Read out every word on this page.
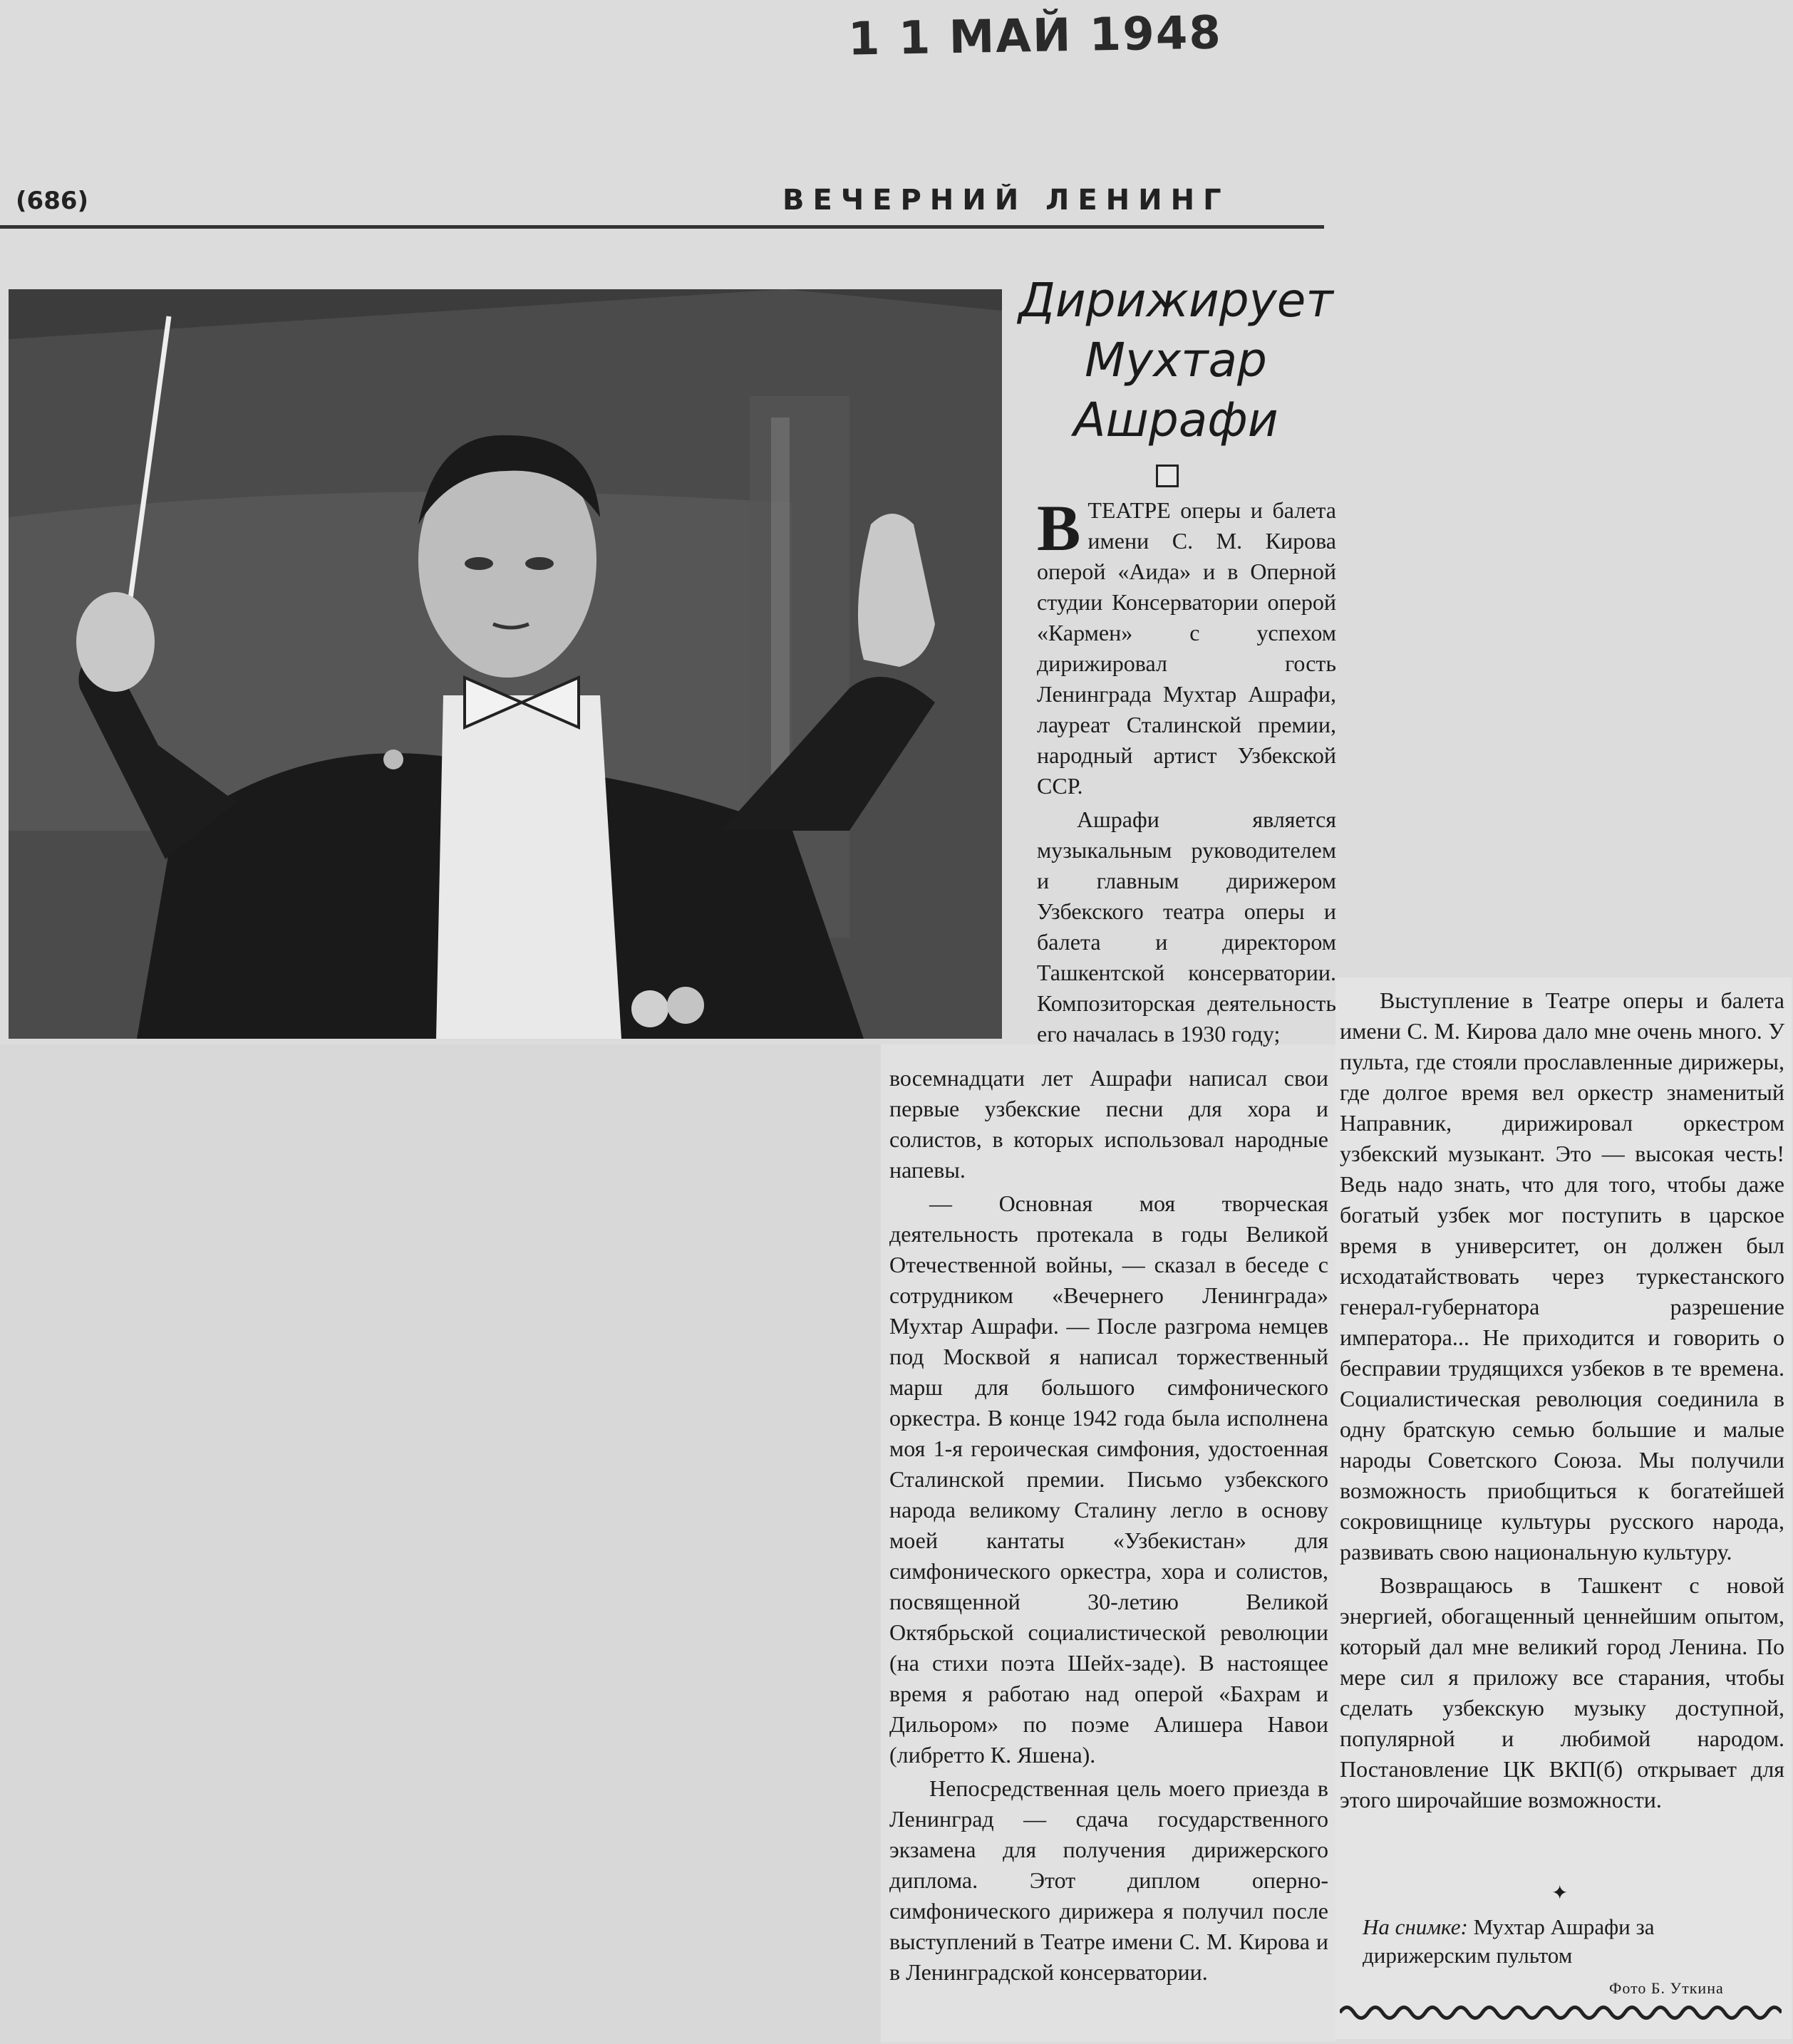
1 1 МАЙ 1948
(686)	ВЕЧЕРНИЙ ЛЕНИНГ
Дирижирует
Мухтар
Ашрафи

ВТЕАТРЕ оперы и балета имени С. М. Кирова оперой «Аида» и в Оперной студии Консерватории оперой «Кармен» с успехом дирижировал гость Ленинграда Мухтар Ашрафи, лауреат Сталинской премии, народный артист Узбекской ССР.

Ашрафи является музыкальным руководителем и главным дирижером Узбекского театра оперы и балета и директором Ташкентской консерватории. Композиторская деятельность его началась в 1930 году;

восемнадцати лет Ашрафи написал свои первые узбекские песни для хора и солистов, в которых использовал народные напевы.

— Основная моя творческая деятельность протекала в годы Великой Отечественной войны, — сказал в беседе с сотрудником «Вечернего Ленинграда» Мухтар Ашрафи. — После разгрома немцев под Москвой я написал торжественный марш для большого симфонического оркестра. В конце 1942 года была исполнена моя 1-я героическая симфония, удостоенная Сталинской премии. Письмо узбекского народа великому Сталину легло в основу моей кантаты «Узбекистан» для симфонического оркестра, хора и солистов, посвященной 30-летию Великой Октябрьской социалистической революции (на стихи поэта Шейх-заде). В настоящее время я работаю над оперой «Бахрам и Дильором» по поэме Алишера Навои (либретто К. Яшена).

Непосредственная цель моего приезда в Ленинград — сдача государственного экзамена для получения дирижерского диплома. Этот диплом оперно-симфонического дирижера я получил после выступлений в Театре имени С. М. Кирова и в Ленинградской консерватории.

Выступление в Театре оперы и балета имени С. М. Кирова дало мне очень много. У пульта, где стояли прославленные дирижеры, где долгое время вел оркестр знаменитый Направник, дирижировал оркестром узбекский музыкант. Это — высокая честь! Ведь надо знать, что для того, чтобы даже богатый узбек мог поступить в царское время в университет, он должен был исходатайствовать через туркестанского генерал-губернатора разрешение императора... Не приходится и говорить о бесправии трудящихся узбеков в те времена. Социалистическая революция соединила в одну братскую семью большие и малые народы Советского Союза. Мы получили возможность приобщиться к богатейшей сокровищнице культуры русского народа, развивать свою национальную культуру.

Возвращаюсь в Ташкент с новой энергией, обогащенный ценнейшим опытом, который дал мне великий город Ленина. По мере сил я приложу все старания, чтобы сделать узбекскую музыку доступной, популярной и любимой народом. Постановление ЦК ВКП(б) открывает для этого широчайшие возможности.

✦
На снимке: Мухтар Ашрафи за дирижерским пультом
Фото Б. Уткина
